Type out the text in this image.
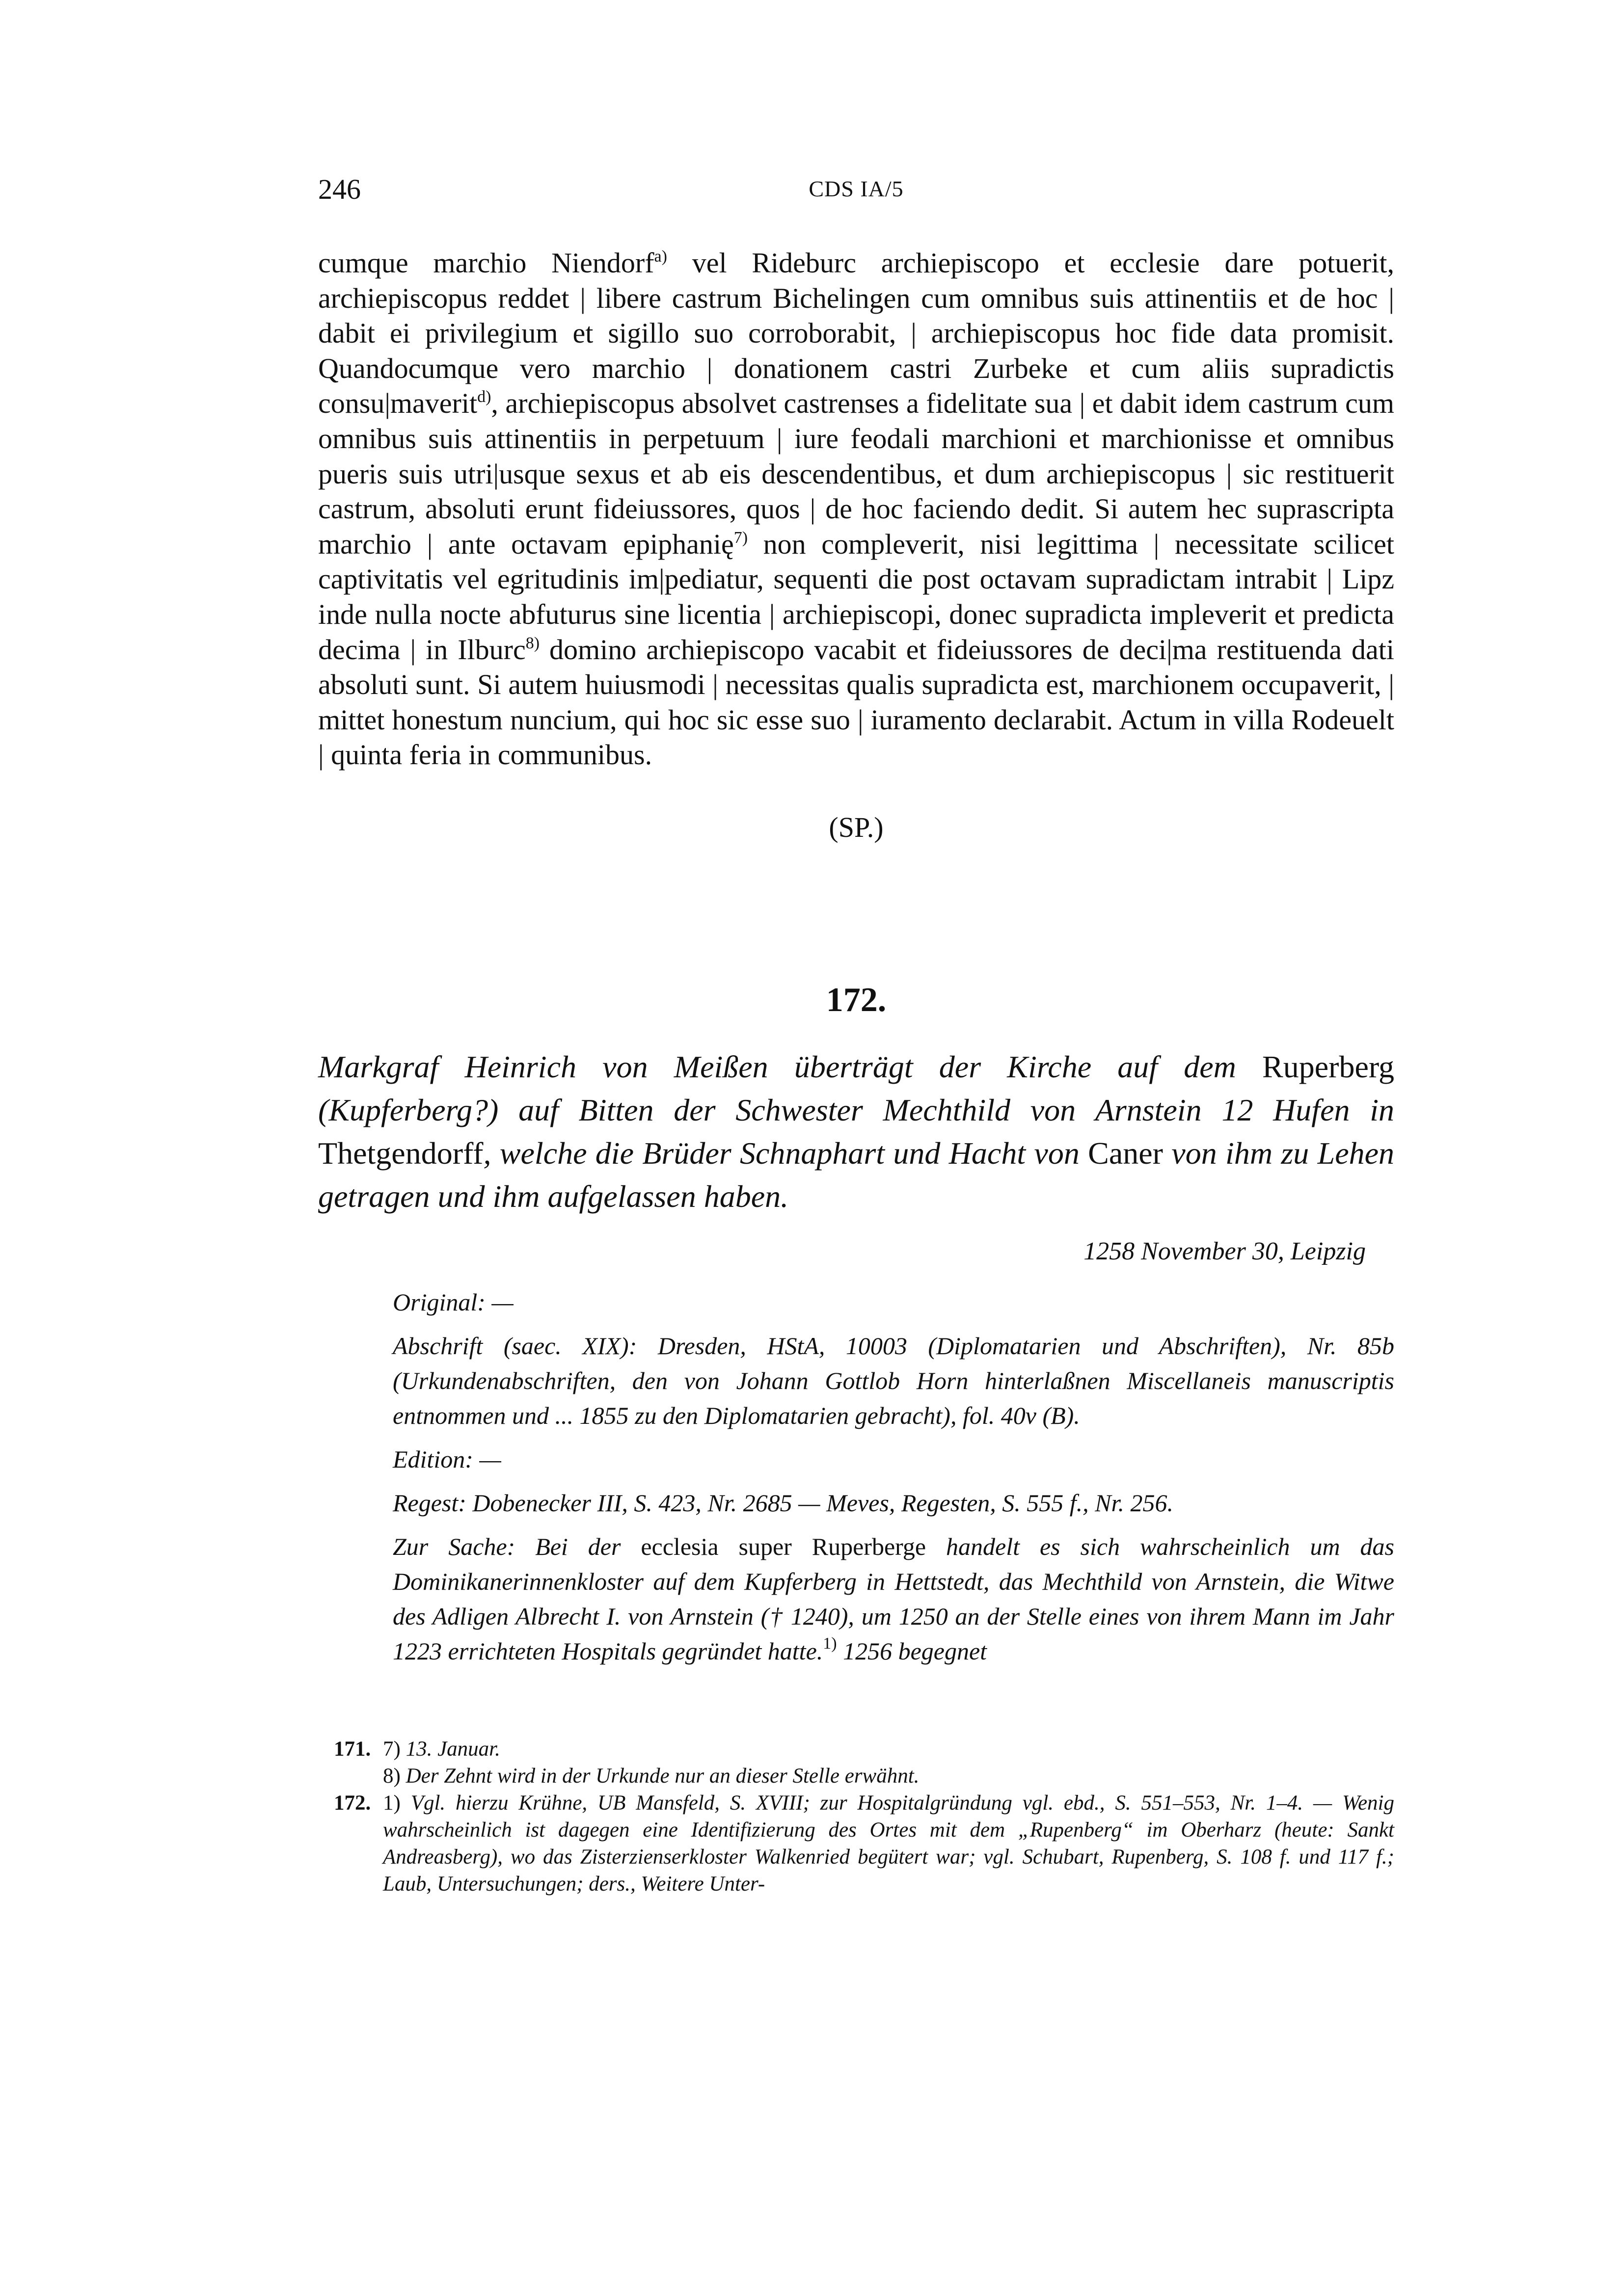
246	CDS IA/5

cumque marchio Niendorf$^{a)}$ vel Rideburc archiepiscopo et ecclesie dare potuerit, archiepiscopus reddet | libere castrum Bichelingen cum omnibus suis attinentiis et de hoc | dabit ei privilegium et sigillo suo corroborabit, | archiepiscopus hoc fide data promisit. Quandocumque vero marchio | donationem castri Zurbeke et cum aliis supradictis consu|maverit$^{d)}$, archiepiscopus absolvet castrenses a fidelitate sua | et dabit idem castrum cum omnibus suis attinentiis in perpetuum | iure feodali marchioni et marchionisse et omnibus pueris suis utri|usque sexus et ab eis descendentibus, et dum archiepiscopus | sic restituerit castrum, absoluti erunt fideiussores, quos | de hoc faciendo dedit. Si autem hec suprascripta marchio | ante octavam epiphanię$^{7)}$ non compleverit, nisi legittima | necessitate scilicet captivitatis vel egritudinis im|pediatur, sequenti die post octavam supradictam intrabit | Lipz inde nulla nocte abfuturus sine licentia | archiepiscopi, donec supradicta impleverit et predicta decima | in Ilburc$^{8)}$ domino archiepiscopo vacabit et fideiussores de deci|ma restituenda dati absoluti sunt. Si autem huiusmodi | necessitas qualis supradicta est, marchionem occupaverit, | mittet honestum nuncium, qui hoc sic esse suo | iuramento declarabit. Actum in villa Rodeuelt | quinta feria in communibus.

(SP.)
172.

Markgraf Heinrich von Meißen überträgt der Kirche auf dem Ruperberg (Kupferberg?) auf Bitten der Schwester Mechthild von Arnstein 12 Hufen in Thetgendorff, welche die Brüder Schnaphart und Hacht von Caner von ihm zu Lehen getragen und ihm aufgelassen haben.

1258 November 30, Leipzig

Original: —

Abschrift (saec. XIX): Dresden, HStA, 10003 (Diplomatarien und Abschriften), Nr. 85b (Urkundenabschriften, den von Johann Gottlob Horn hinterlaßnen Miscellaneis manuscriptis entnommen und ... 1855 zu den Diplomatarien gebracht), fol. 40v (B).

Edition: —

Regest: Dobenecker III, S. 423, Nr. 2685 — Meves, Regesten, S. 555 f., Nr. 256.

Zur Sache: Bei der ecclesia super Ruperberge handelt es sich wahrscheinlich um das Dominikanerinnenkloster auf dem Kupferberg in Hettstedt, das Mechthild von Arnstein, die Witwe des Adligen Albrecht I. von Arnstein († 1240), um 1250 an der Stelle eines von ihrem Mann im Jahr 1223 errichteten Hospitals gegründet hatte.$^{1)}$ 1256 begegnet

171. 7) 13. Januar.
8) Der Zehnt wird in der Urkunde nur an dieser Stelle erwähnt.
172. 1) Vgl. hierzu Krühne, UB Mansfeld, S. XVIII; zur Hospitalgründung vgl. ebd., S. 551–553, Nr. 1–4. — Wenig wahrscheinlich ist dagegen eine Identifizierung des Ortes mit dem „Rupenberg“ im Oberharz (heute: Sankt Andreasberg), wo das Zisterzienserkloster Walkenried begütert war; vgl. Schubart, Rupenberg, S. 108 f. und 117 f.; Laub, Untersuchungen; ders., Weitere Unter-
